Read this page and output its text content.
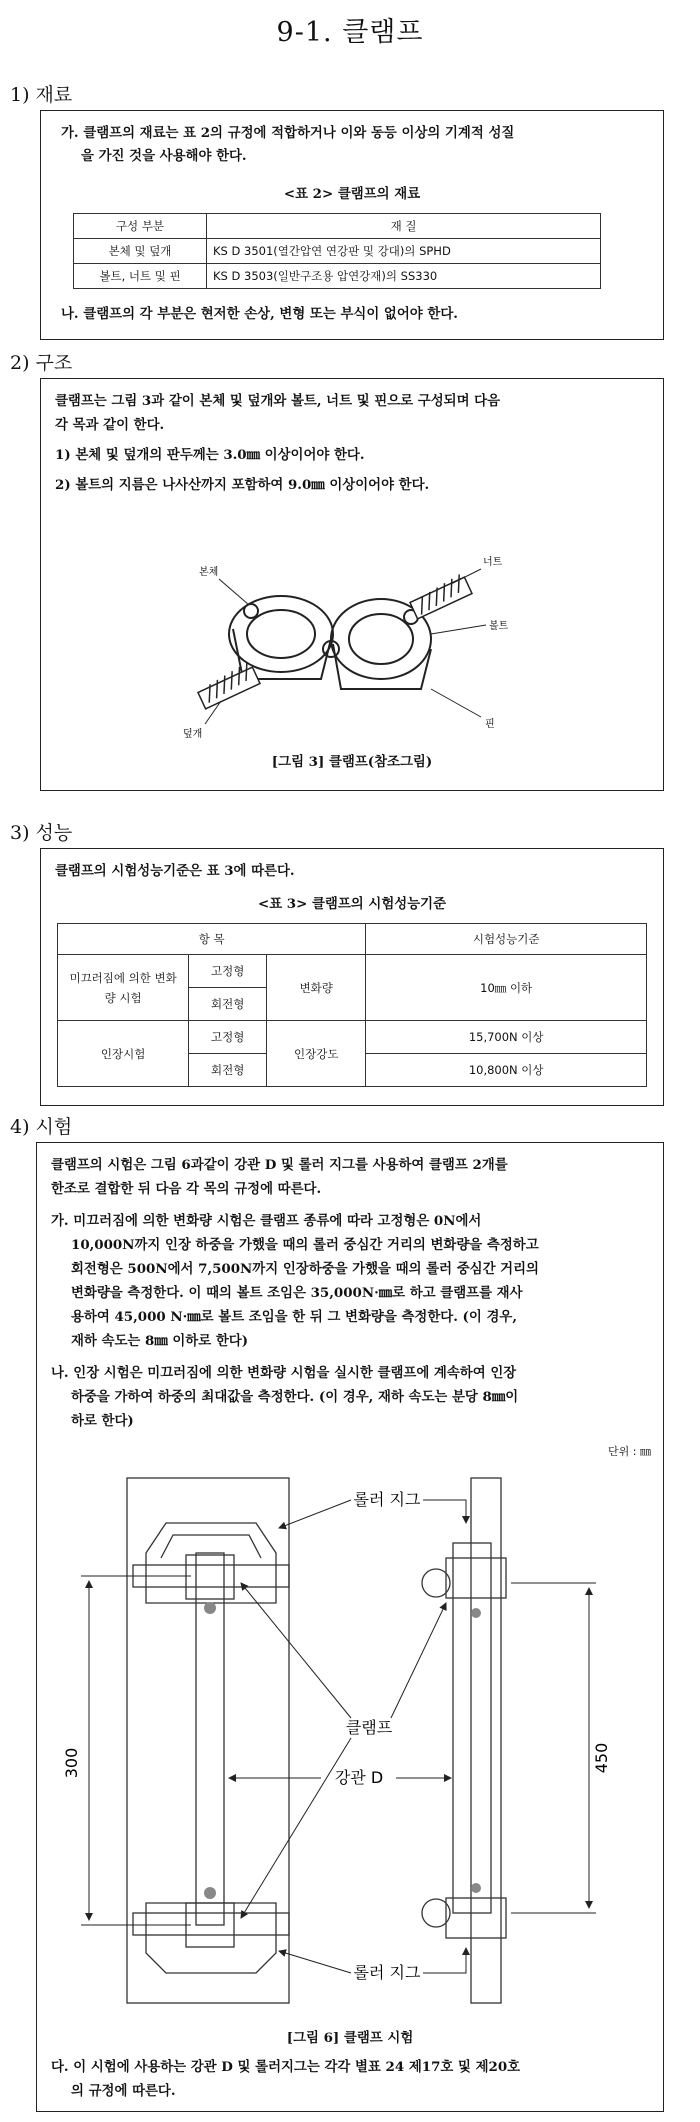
9-1. 클램프
1) 재료
가. 클램프의 재료는 표 2의 규정에 적합하거나 이와 동등 이상의 기계적 성질
을 가진 것을 사용해야 한다.
<표 2> 클램프의 재료
구성 부분	재 질
본체 및 덮개	KS D 3501(열간압연 연강판 및 강대)의 SPHD
볼트, 너트 및 핀	KS D 3503(일반구조용 압연강재)의 SS330
나. 클램프의 각 부분은 현저한 손상, 변형 또는 부식이 없어야 한다.
2) 구조
클램프는 그림 3과 같이 본체 및 덮개와 볼트, 너트 및 핀으로 구성되며 다음
각 목과 같이 한다.
1) 본체 및 덮개의 판두께는 3.0㎜ 이상이어야 한다.
2) 볼트의 지름은 나사산까지 포함하여 9.0㎜ 이상이어야 한다.
본체
너트
볼트
덮개
핀
[그림 3] 클램프(참조그림)
3) 성능
클램프의 시험성능기준은 표 3에 따른다.
<표 3> 클램프의 시험성능기준
항 목			시험성능기준
미끄러짐에 의한 변화량 시험	고정형	변화량	10㎜ 이하
	회전형		
인장시험	고정형	인장강도	15,700N 이상
	회전형		10,800N 이상
4) 시험
클램프의 시험은 그림 6과같이 강관 D 및 롤러 지그를 사용하여 클램프 2개를
한조로 결합한 뒤 다음 각 목의 규정에 따른다.
가. 미끄러짐에 의한 변화량 시험은 클램프 종류에 따라 고정형은 0N에서
10,000N까지 인장 하중을 가했을 때의 롤러 중심간 거리의 변화량을 측정하고
회전형은 500N에서 7,500N까지 인장하중을 가했을 때의 롤러 중심간 거리의
변화량을 측정한다. 이 때의 볼트 조임은 35,000N·㎜로 하고 클램프를 재사
용하여 45,000 N·㎜로 볼트 조임을 한 뒤 그 변화량을 측정한다. (이 경우,
재하 속도는 8㎜ 이하로 한다)
나. 인장 시험은 미끄러짐에 의한 변화량 시험을 실시한 클램프에 계속하여 인장
하중을 가하여 하중의 최대값을 측정한다. (이 경우, 재하 속도는 분당 8㎜이
하로 한다)
단위 : ㎜
롤러 지그
클램프
강관 D
롤러 지그
300	450
[그림 6] 클램프 시험
다. 이 시험에 사용하는 강관 D 및 롤러지그는 각각 별표 24 제17호 및 제20호
의 규정에 따른다.
